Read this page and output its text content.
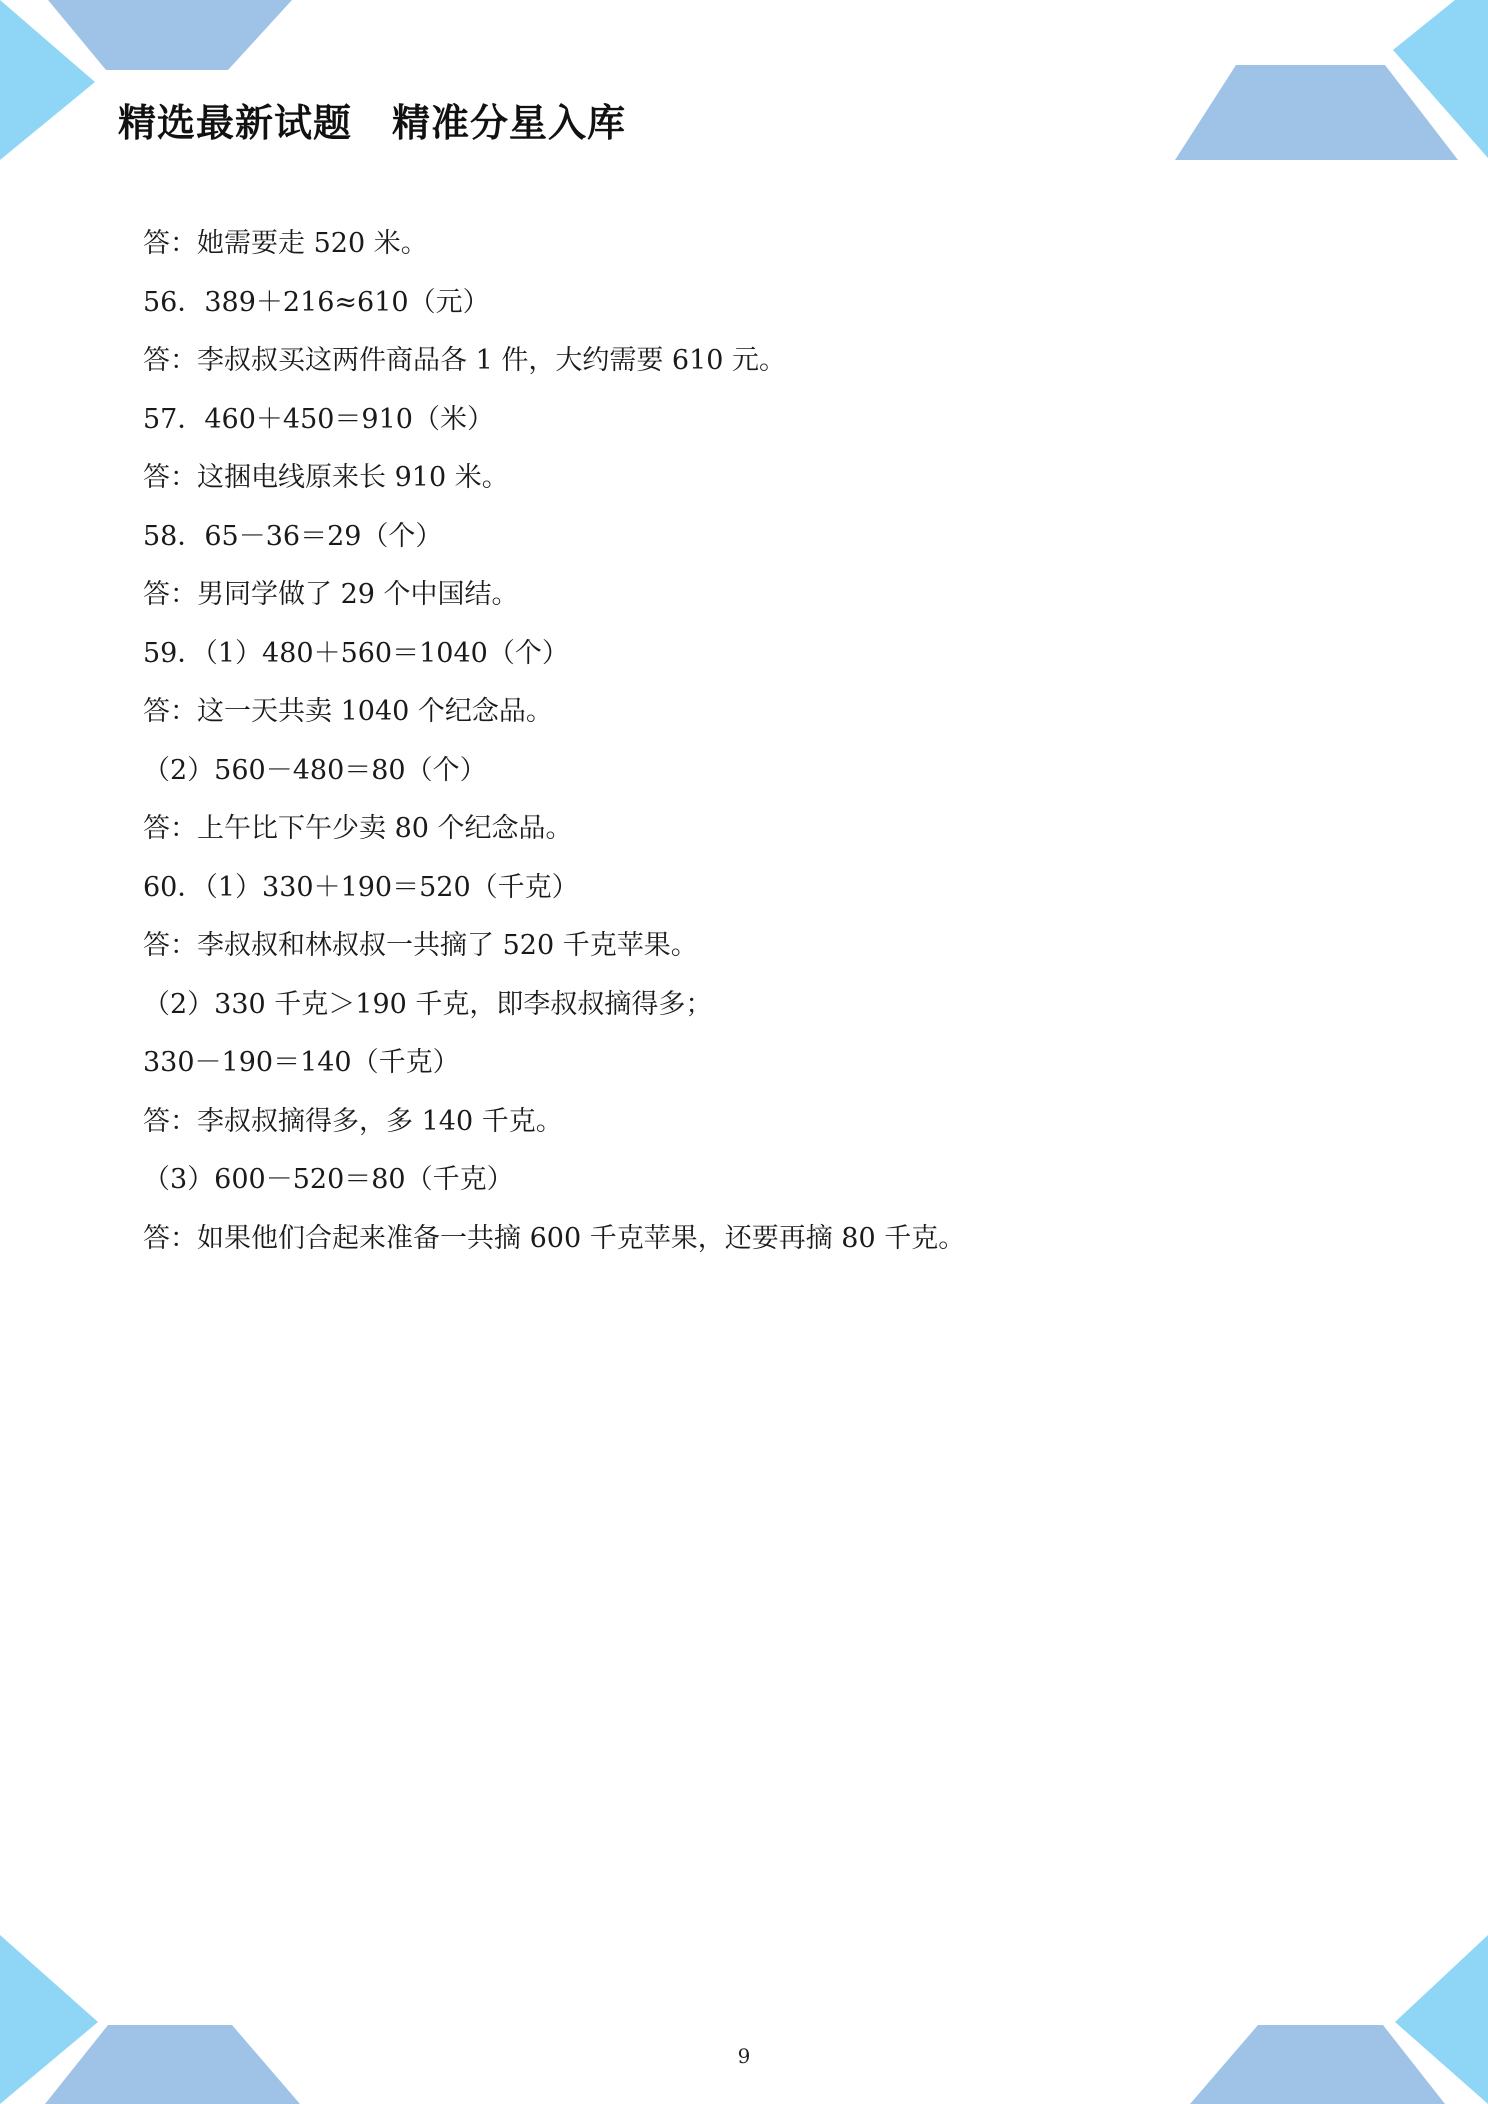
精选最新试题 精准分星入库
答：她需要走 520 米。
56．389＋216≈610（元）
答：李叔叔买这两件商品各 1 件，大约需要 610 元。
57．460＋450＝910（米）
答：这捆电线原来长 910 米。
58．65－36＝29（个）
答：男同学做了 29 个中国结。
59．（1）480＋560＝1040（个）
答：这一天共卖 1040 个纪念品。
（2）560－480＝80（个）
答：上午比下午少卖 80 个纪念品。
60．（1）330＋190＝520（千克）
答：李叔叔和林叔叔一共摘了 520 千克苹果。
（2）330 千克＞190 千克，即李叔叔摘得多；
330－190＝140（千克）
答：李叔叔摘得多，多 140 千克。
（3）600－520＝80（千克）
答：如果他们合起来准备一共摘 600 千克苹果，还要再摘 80 千克。
9
